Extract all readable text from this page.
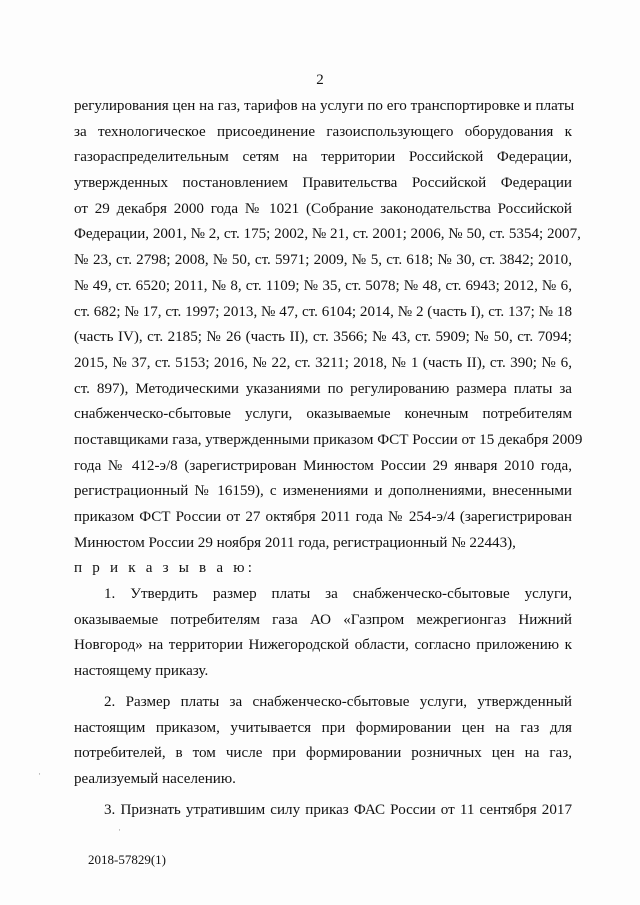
2
регулирования цен на газ, тарифов на услуги по его транспортировке и платы
за технологическое присоединение газоиспользующего оборудования к
газораспределительным сетям на территории Российской Федерации,
утвержденных постановлением Правительства Российской Федерации
от 29 декабря 2000 года № 1021 (Собрание законодательства Российской
Федерации, 2001, № 2, ст. 175; 2002, № 21, ст. 2001; 2006, № 50, ст. 5354; 2007,
№ 23, ст. 2798; 2008, № 50, ст. 5971; 2009, № 5, ст. 618; № 30, ст. 3842; 2010,
№ 49, ст. 6520; 2011, № 8, ст. 1109; № 35, ст. 5078; № 48, ст. 6943; 2012, № 6,
ст. 682; № 17, ст. 1997; 2013, № 47, ст. 6104; 2014, № 2 (часть I), ст. 137; № 18
(часть IV), ст. 2185; № 26 (часть II), ст. 3566; № 43, ст. 5909; № 50, ст. 7094;
2015, № 37, ст. 5153; 2016, № 22, ст. 3211; 2018, № 1 (часть II), ст. 390; № 6,
ст. 897), Методическими указаниями по регулированию размера платы за
снабженческо-сбытовые услуги, оказываемые конечным потребителям
поставщиками газа, утвержденными приказом ФСТ России от 15 декабря 2009
года № 412-э/8 (зарегистрирован Минюстом России 29 января 2010 года,
регистрационный № 16159), с изменениями и дополнениями, внесенными
приказом ФСТ России от 27 октября 2011 года № 254-э/4 (зарегистрирован
Минюстом России 29 ноября 2011 года, регистрационный № 22443),
п р и к а з ы в а ю:
1. Утвердить размер платы за снабженческо-сбытовые услуги,
оказываемые потребителям газа АО «Газпром межрегионгаз Нижний
Новгород» на территории Нижегородской области, согласно приложению к
настоящему приказу.
2. Размер платы за снабженческо-сбытовые услуги, утвержденный
настоящим приказом, учитывается при формировании цен на газ для
потребителей, в том числе при формировании розничных цен на газ,
реализуемый населению.
3. Признать утратившим силу приказ ФАС России от 11 сентября 2017
·
·
2018-57829(1)
